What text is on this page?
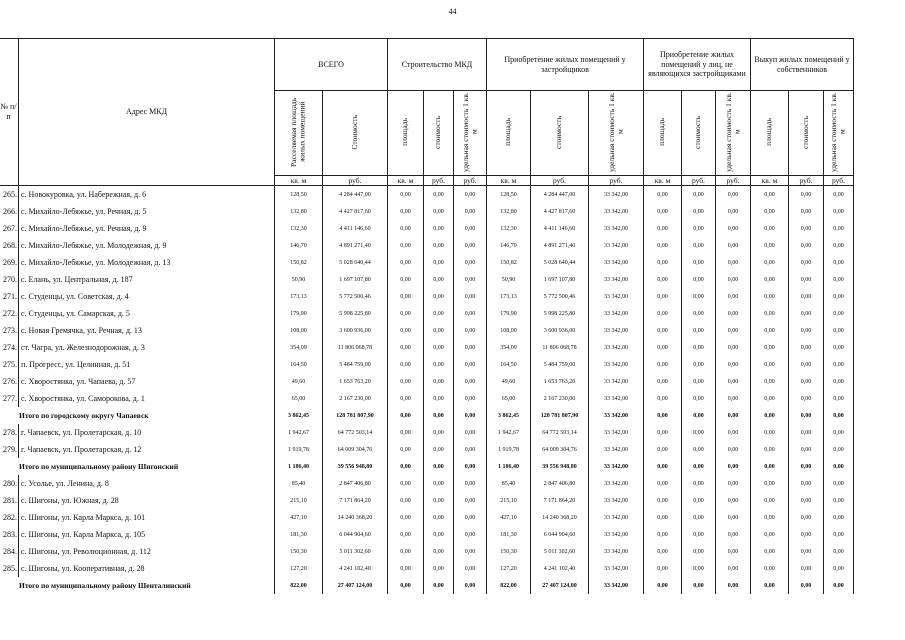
44
№ п/п	Адрес МКД	ВСЕГО		Строительство МКД			Приобретение жилых помещений у застройщиков			Приобретение жилых помещений у лиц, не являющихся застройщиками			Выкуп жилых помещений у собственников		
		Расселяемая площадь жилых помещений	Стоимость	площадь	стоимость	удельная стоимость 1 кв. м	площадь	стоимость	удельная стоимость 1 кв. м	площадь	стоимость	удельная стоимость 1 кв. м	площадь	стоимость	удельная стоимость 1 кв. м
		кв. м	руб.	кв. м	руб.	руб.	кв. м	руб.	руб.	кв. м	руб.	руб.	кв. м	руб.	руб.
265.	с. Новокуровка, ул. Набережная, д. 6	128,50	4 284 447,00	0,00	0,00	0,00	128,50	4 284 447,00	33 342,00	0,00	0,00	0,00	0,00	0,00	0,00
266.	с. Михайло-Лебяжье, ул. Речная, д. 5	132,80	4 427 817,60	0,00	0,00	0,00	132,80	4 427 817,60	33 342,00	0,00	0,00	0,00	0,00	0,00	0,00
267.	с. Михайло-Лебяжье, ул. Речная, д. 9	132,30	4 411 146,60	0,00	0,00	0,00	132,30	4 411 146,60	33 342,00	0,00	0,00	0,00	0,00	0,00	0,00
268.	с. Михайло-Лебяжье, ул. Молодежная, д. 9	146,70	4 891 271,40	0,00	0,00	0,00	146,70	4 891 271,40	33 342,00	0,00	0,00	0,00	0,00	0,00	0,00
269.	с. Михайло-Лебяжье, ул. Молодежная, д. 13	150,82	5 028 640,44	0,00	0,00	0,00	150,82	5 028 640,44	33 342,00	0,00	0,00	0,00	0,00	0,00	0,00
270.	с. Елань, ул. Центральная, д. 187	50,90	1 697 107,80	0,00	0,00	0,00	50,90	1 697 107,80	33 342,00	0,00	0,00	0,00	0,00	0,00	0,00
271.	с. Студенцы, ул. Советская, д. 4	173,13	5 772 500,46	0,00	0,00	0,00	173,13	5 772 500,46	33 342,00	0,00	0,00	0,00	0,00	0,00	0,00
272.	с. Студенцы, ул. Самарская, д. 5	179,90	5 998 225,80	0,00	0,00	0,00	179,90	5 998 225,80	33 342,00	0,00	0,00	0,00	0,00	0,00	0,00
273.	с. Новая Гремячка, ул. Речная, д. 13	108,00	3 600 936,00	0,00	0,00	0,00	108,00	3 600 936,00	33 342,00	0,00	0,00	0,00	0,00	0,00	0,00
274.	ст. Чагра, ул. Железнодорожная, д. 3	354,09	11 806 068,78	0,00	0,00	0,00	354,09	11 806 068,78	33 342,00	0,00	0,00	0,00	0,00	0,00	0,00
275.	п. Прогресс, ул. Целинная, д. 51	164,50	5 484 759,00	0,00	0,00	0,00	164,50	5 484 759,00	33 342,00	0,00	0,00	0,00	0,00	0,00	0,00
276.	с. Хворостянка, ул. Чапаева, д. 57	49,60	1 653 763,20	0,00	0,00	0,00	49,60	1 653 763,20	33 342,00	0,00	0,00	0,00	0,00	0,00	0,00
277.	с. Хворостянка, ул. Саморокова, д. 1	65,00	2 167 230,00	0,00	0,00	0,00	65,00	2 167 230,00	33 342,00	0,00	0,00	0,00	0,00	0,00	0,00
Итого по городскому округу Чапаевск		3 862,45	128 781 807,90	0,00	0,00	0,00	3 862,45	128 781 807,90	33 342,00	0,00	0,00	0,00	0,00	0,00	0,00
278.	г. Чапаевск, ул. Пролетарская, д. 10	1 942,67	64 772 503,14	0,00	0,00	0,00	1 942,67	64 772 503,14	33 342,00	0,00	0,00	0,00	0,00	0,00	0,00
279.	г. Чапаевск, ул. Пролетарская, д. 12	1 919,78	64 009 304,76	0,00	0,00	0,00	1 919,78	64 009 304,76	33 342,00	0,00	0,00	0,00	0,00	0,00	0,00
Итого по муниципальному району Шигонский		1 186,40	39 556 948,80	0,00	0,00	0,00	1 186,40	39 556 948,80	33 342,00	0,00	0,00	0,00	0,00	0,00	0,00
280.	с. Усолье, ул. Ленина, д. 8	85,40	2 847 406,80	0,00	0,00	0,00	85,40	2 847 406,80	33 342,00	0,00	0,00	0,00	0,00	0,00	0,00
281.	с. Шигоны, ул. Южная, д. 28	215,10	7 171 864,20	0,00	0,00	0,00	215,10	7 171 864,20	33 342,00	0,00	0,00	0,00	0,00	0,00	0,00
282.	с. Шигоны, ул. Карла Маркса, д. 101	427,10	14 240 368,20	0,00	0,00	0,00	427,10	14 240 368,20	33 342,00	0,00	0,00	0,00	0,00	0,00	0,00
283.	с. Шигоны, ул. Карла Маркса, д. 105	181,30	6 044 904,60	0,00	0,00	0,00	181,30	6 044 904,60	33 342,00	0,00	0,00	0,00	0,00	0,00	0,00
284.	с. Шигоны, ул. Революционная, д. 112	150,30	5 011 302,60	0,00	0,00	0,00	150,30	5 011 302,60	33 342,00	0,00	0,00	0,00	0,00	0,00	0,00
285.	с. Шигоны, ул. Кооперативная, д. 28	127,20	4 241 102,40	0,00	0,00	0,00	127,20	4 241 102,40	33 342,00	0,00	0,00	0,00	0,00	0,00	0,00
Итого по муниципальному району Шенталинский		822,00	27 407 124,00	0,00	0,00	0,00	822,00	27 407 124,00	33 342,00	0,00	0,00	0,00	0,00	0,00	0,00
